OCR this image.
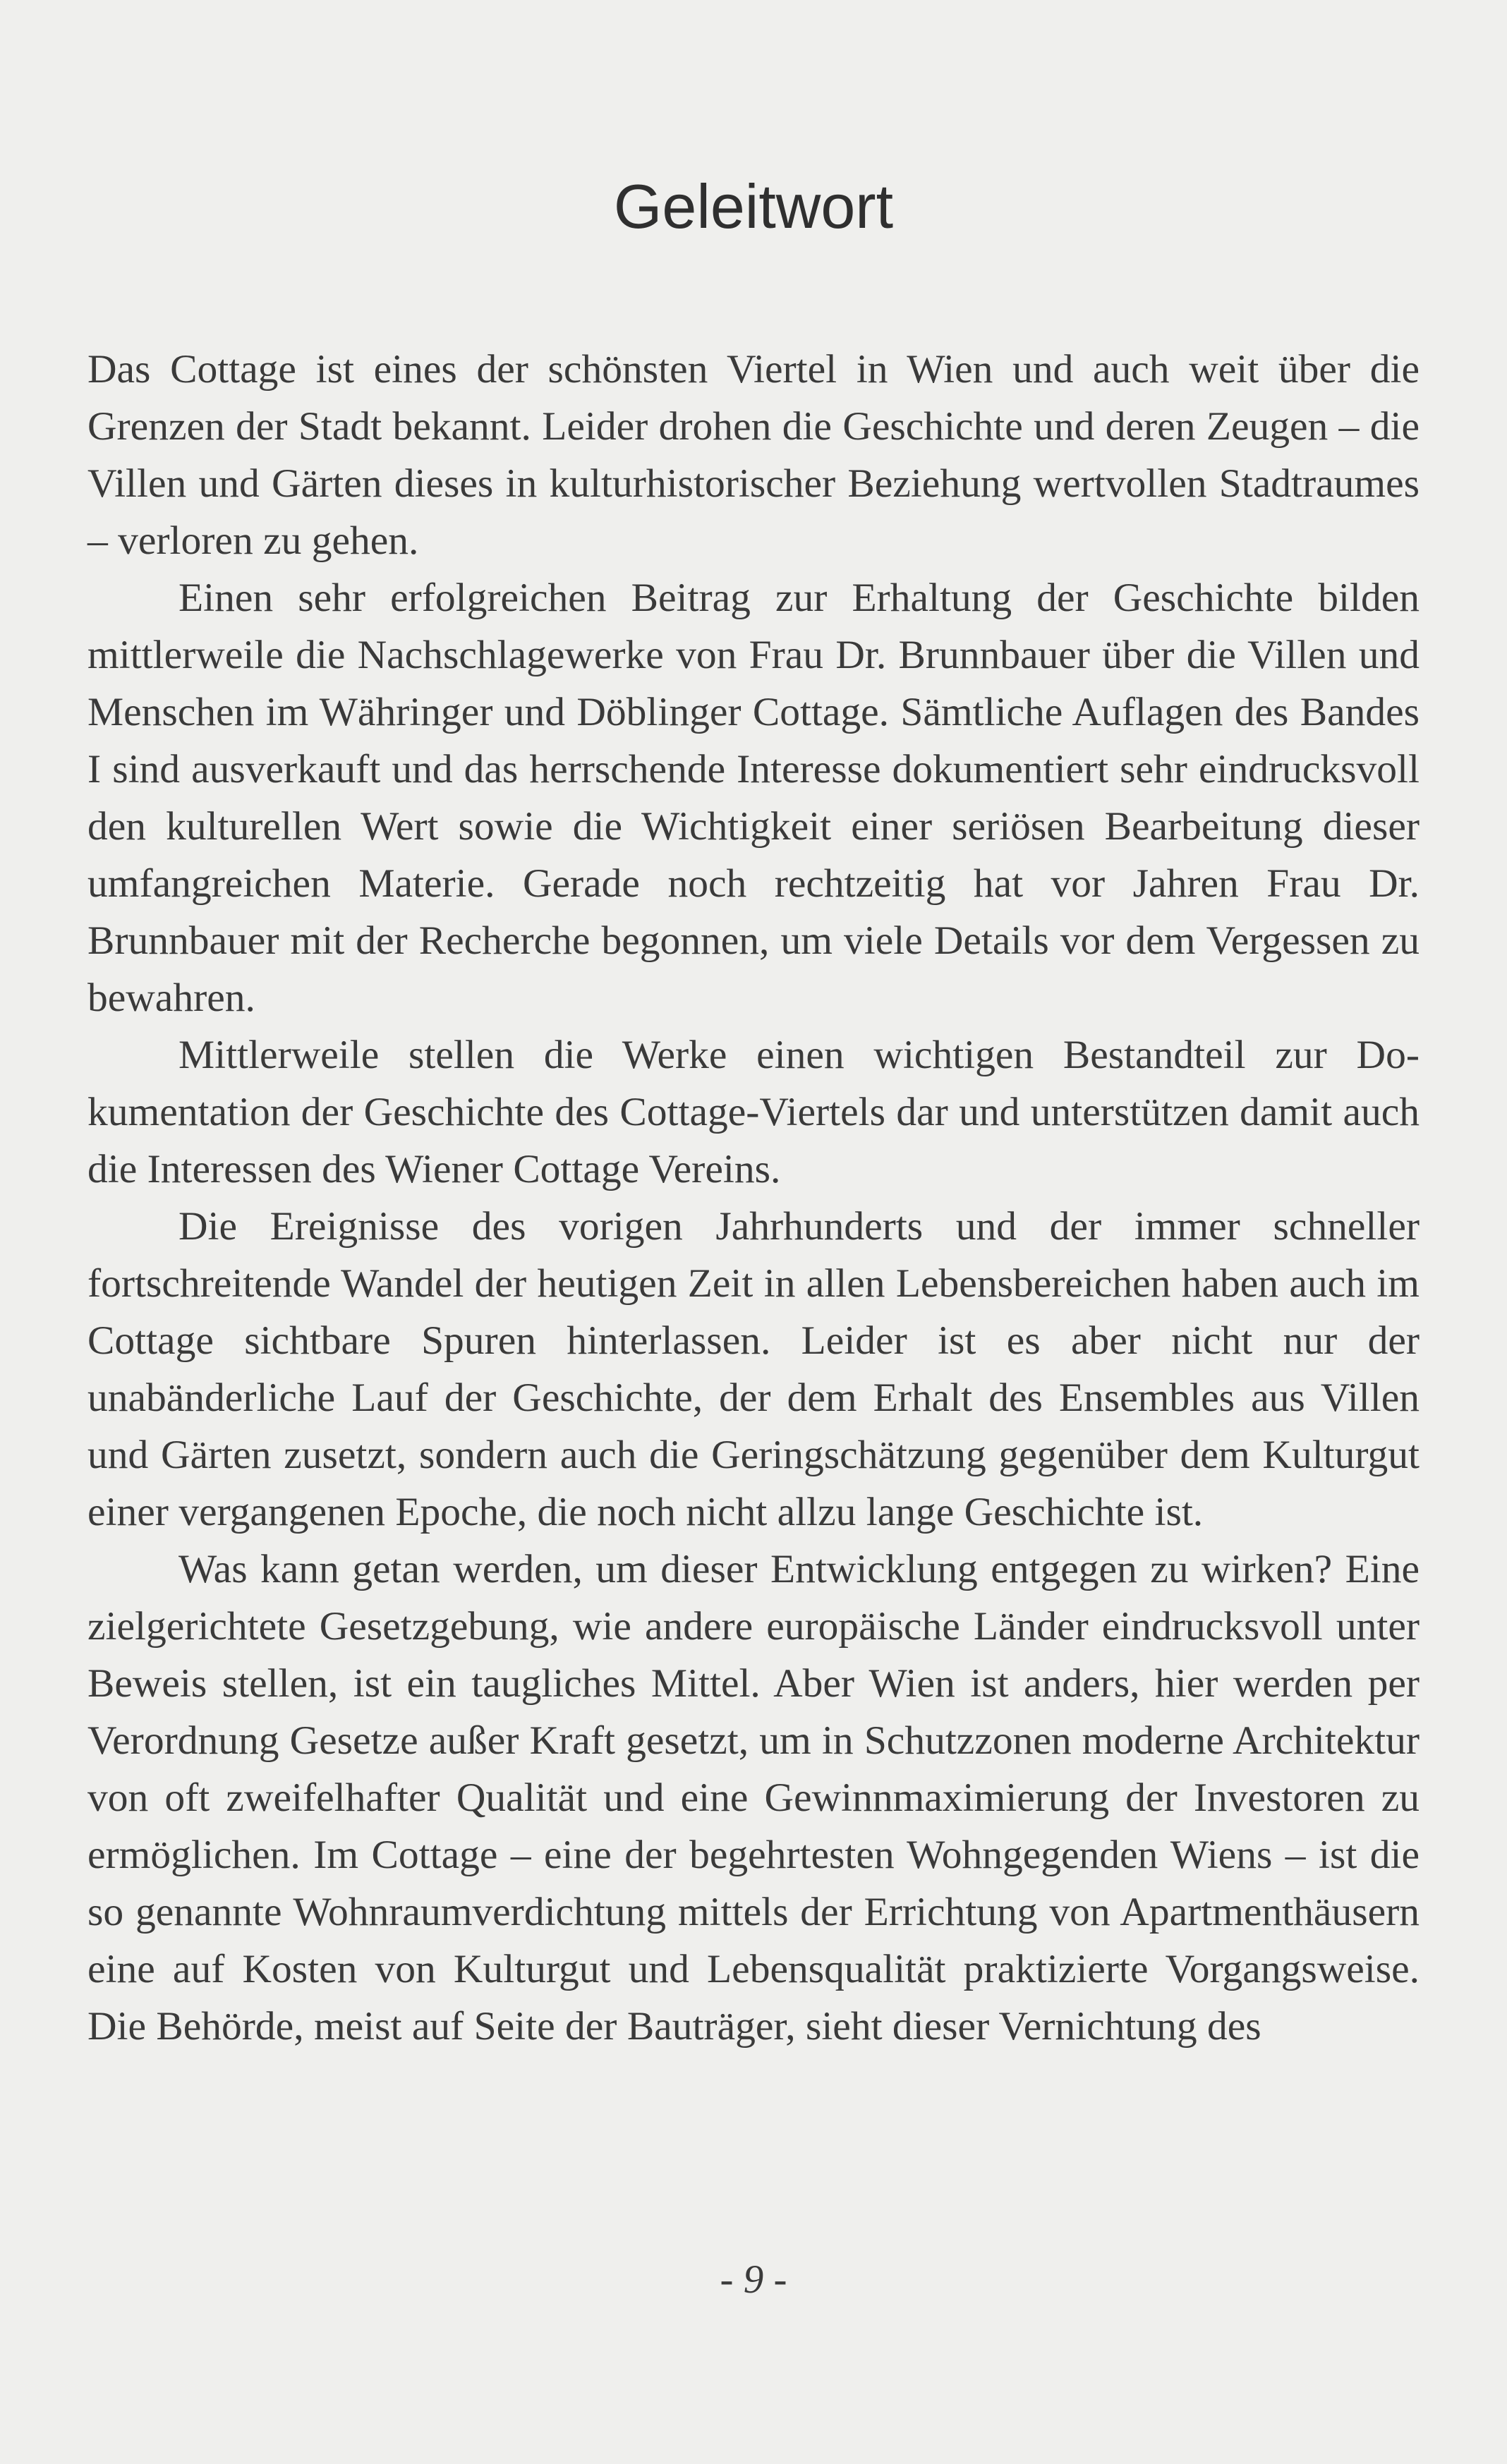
Geleitwort

Das Cottage ist eines der schönsten Viertel in Wien und auch weit über die Grenzen der Stadt bekannt. Leider drohen die Geschichte und deren Zeugen – die Villen und Gärten dieses in kulturhistorischer Beziehung wertvollen Stadtraumes – verloren zu gehen.

Einen sehr erfolgreichen Beitrag zur Erhaltung der Geschichte bilden mittlerweile die Nachschlagewerke von Frau Dr. Brunnbauer über die Villen und Menschen im Währinger und Döblinger Cottage. Sämtliche Auflagen des Bandes I sind ausverkauft und das herrschende Interesse dokumentiert sehr eindrucksvoll den kulturellen Wert sowie die Wichtigkeit einer seriösen Bearbeitung dieser umfangreichen Materie. Gerade noch rechtzeitig hat vor Jahren Frau Dr. Brunnbauer mit der Recherche begonnen, um viele Details vor dem Vergessen zu bewahren.

Mittlerweile stellen die Werke einen wichtigen Bestandteil zur Dokumentation der Geschichte des Cottage-Viertels dar und unterstützen damit auch die Interessen des Wiener Cottage Vereins.

Die Ereignisse des vorigen Jahrhunderts und der immer schneller fortschreitende Wandel der heutigen Zeit in allen Lebensbereichen haben auch im Cottage sichtbare Spuren hinterlassen. Leider ist es aber nicht nur der unabänderliche Lauf der Geschichte, der dem Erhalt des Ensembles aus Villen und Gärten zusetzt, sondern auch die Geringschätzung gegenüber dem Kulturgut einer vergangenen Epoche, die noch nicht allzu lange Geschichte ist.

Was kann getan werden, um dieser Entwicklung entgegen zu wirken? Eine zielgerichtete Gesetzgebung, wie andere europäische Länder eindrucksvoll unter Beweis stellen, ist ein taugliches Mittel. Aber Wien ist anders, hier werden per Verordnung Gesetze außer Kraft gesetzt, um in Schutzzonen moderne Architektur von oft zweifelhafter Qualität und eine Gewinnmaximierung der Investoren zu ermöglichen. Im Cottage – eine der begehrtesten Wohngegenden Wiens – ist die so genannte Wohnraumverdichtung mittels der Errichtung von Apartmenthäusern eine auf Kosten von Kulturgut und Lebensqualität praktizierte Vorgangsweise. Die Behörde, meist auf Seite der Bauträger, sieht dieser Vernichtung des

- 9 -
